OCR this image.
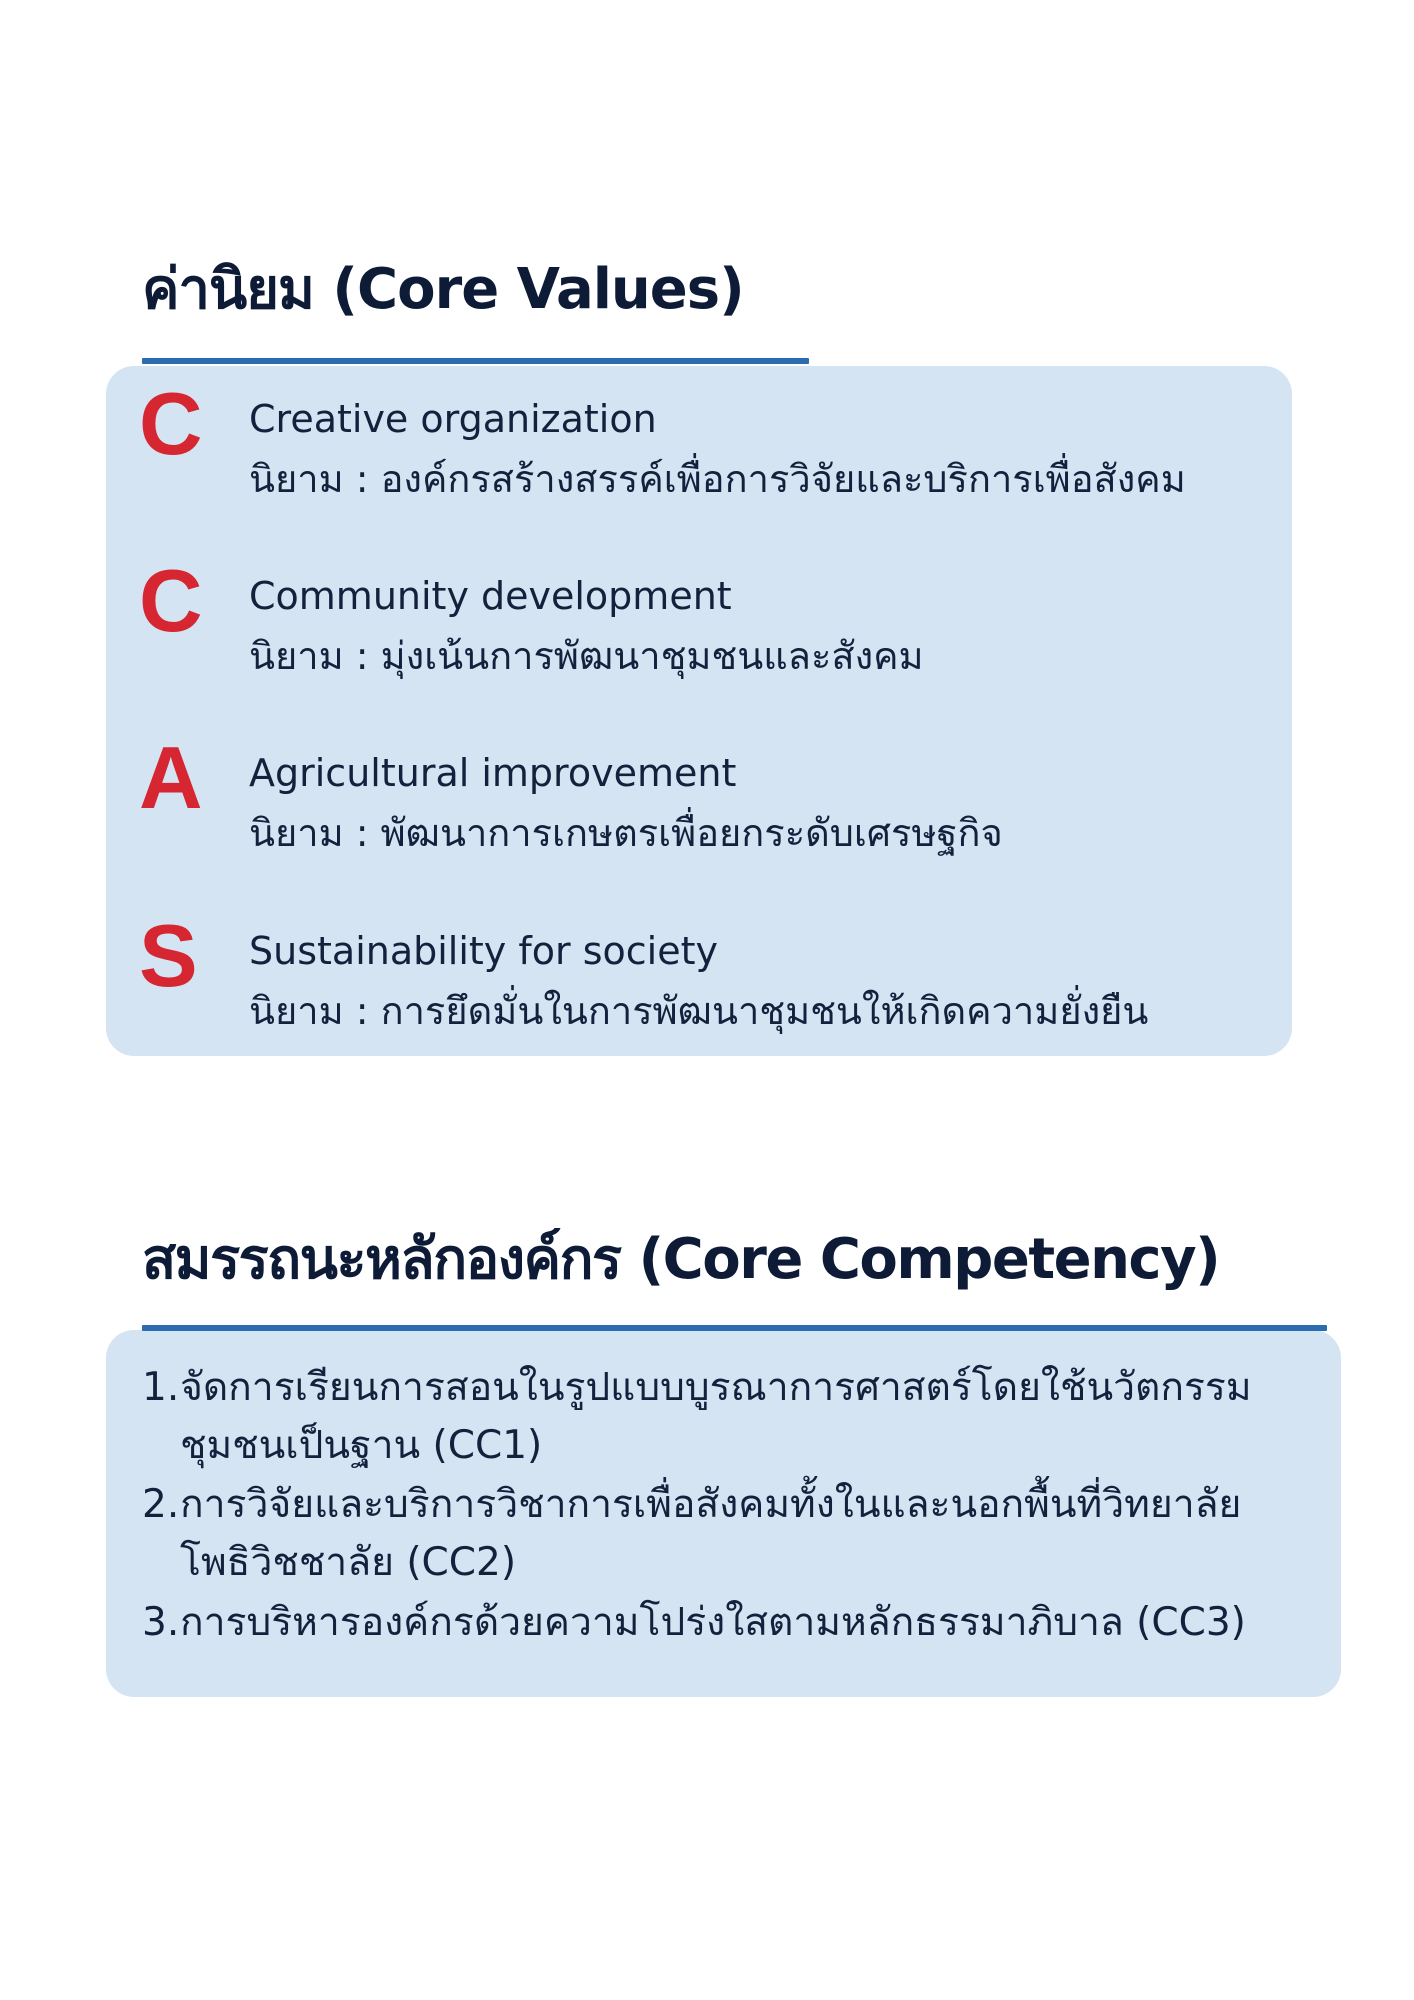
ค่านิยม (Core Values)
C Creative organization
นิยาม : องค์กรสร้างสรรค์เพื่อการวิจัยและบริการเพื่อสังคม
C Community development
นิยาม : มุ่งเน้นการพัฒนาชุมชนและสังคม
A Agricultural improvement
นิยาม : พัฒนาการเกษตรเพื่อยกระดับเศรษฐกิจ
S Sustainability for society
นิยาม : การยึดมั่นในการพัฒนาชุมชนให้เกิดความยั่งยืน
สมรรถนะหลักองค์กร (Core Competency)
1.จัดการเรียนการสอนในรูปแบบบูรณาการศาสตร์โดยใช้นวัตกรรม
ชุมชนเป็นฐาน (CC1)
2.การวิจัยและบริการวิชาการเพื่อสังคมทั้งในและนอกพื้นที่วิทยาลัย
โพธิวิชชาลัย (CC2)
3.การบริหารองค์กรด้วยความโปร่งใสตามหลักธรรมาภิบาล (CC3)
